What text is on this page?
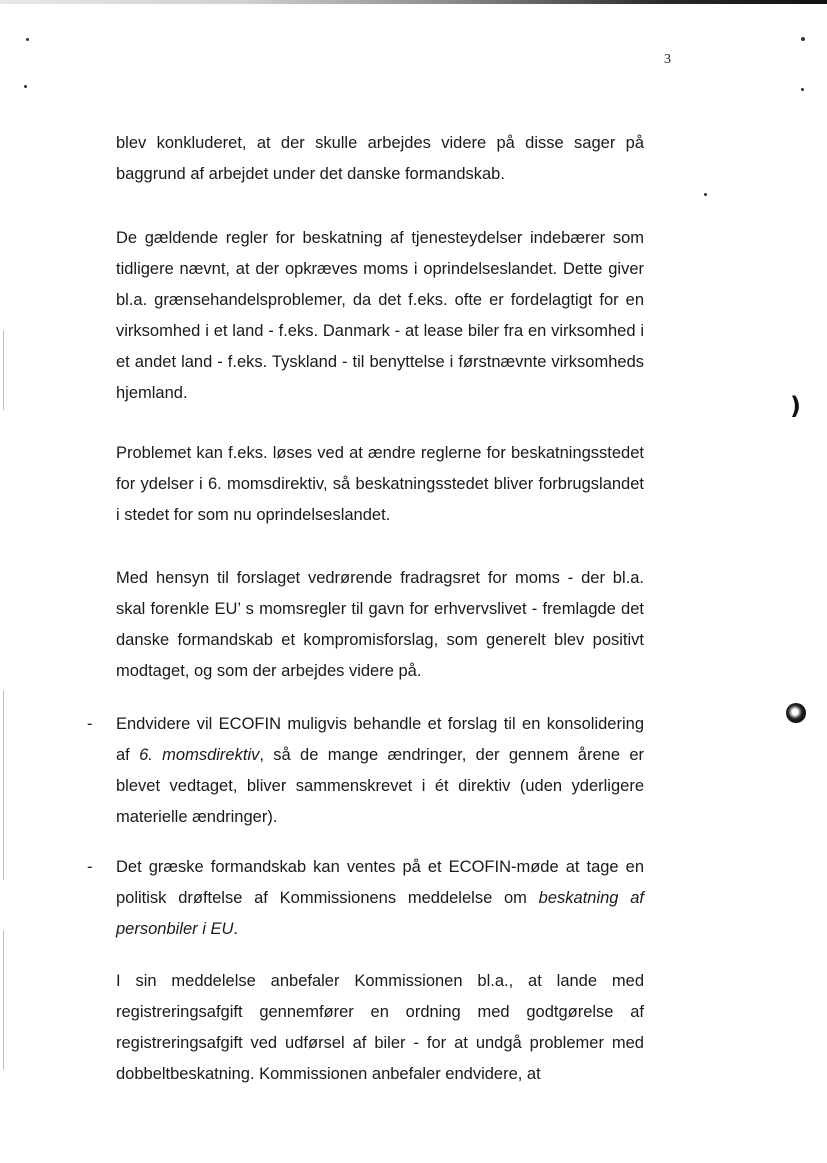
3
)

blev konkluderet, at der skulle arbejdes videre på disse sager på baggrund af arbejdet under det danske formandskab.

De gældende regler for beskatning af tjenesteydelser indebærer som tidligere nævnt, at der opkræves moms i oprindelseslandet. Dette giver bl.a. grænsehandelsproblemer, da det f.eks. ofte er fordelagtigt for en virksomhed i et land - f.eks. Danmark - at lease biler fra en virksomhed i et andet land - f.eks. Tyskland - til benyttelse i førstnævnte virksomheds hjemland.

Problemet kan f.eks. løses ved at ændre reglerne for beskatningsstedet for ydelser i 6. momsdirektiv, så beskatningsstedet bliver forbrugslandet i stedet for som nu oprindelseslandet.

Med hensyn til forslaget vedrørende fradragsret for moms - der bl.a. skal forenkle EU’ s momsregler til gavn for erhvervslivet - fremlagde det danske formandskab et kompromisforslag, som generelt blev positivt modtaget, og som der arbejdes videre på.

- Endvidere vil ECOFIN muligvis behandle et forslag til en konsolidering af 6. momsdirektiv, så de mange ændringer, der gennem årene er blevet vedtaget, bliver sammenskrevet i ét direktiv (uden yderligere materielle ændringer).

- Det græske formandskab kan ventes på et ECOFIN-møde at tage en politisk drøftelse af Kommissionens meddelelse om beskatning af personbiler i EU.

I sin meddelelse anbefaler Kommissionen bl.a., at lande med registreringsafgift gennemfører en ordning med godtgørelse af registreringsafgift ved udførsel af biler - for at undgå problemer med dobbeltbeskatning. Kommissionen anbefaler endvidere, at
